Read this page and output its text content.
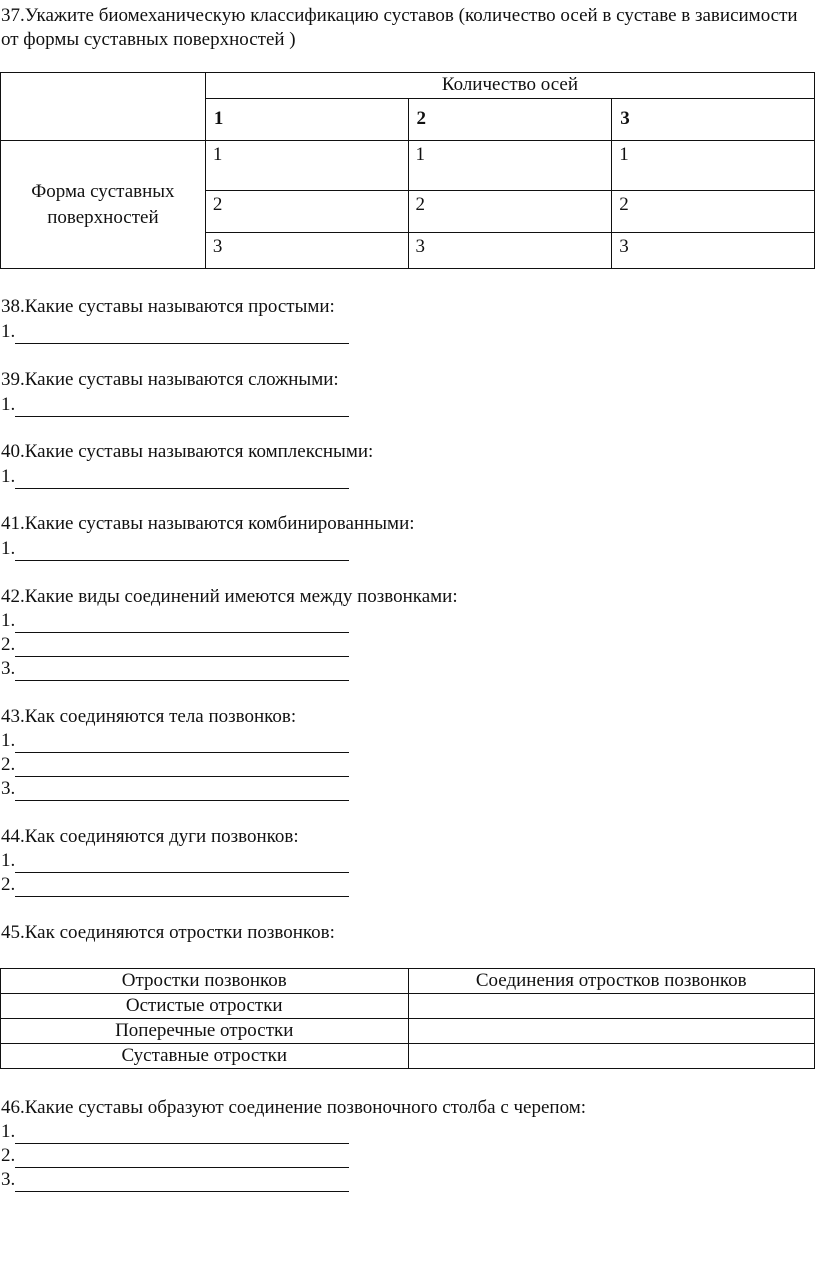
37.Укажите биомеханическую классификацию суставов (количество осей в суставе в зависимости от формы суставных поверхностей )
	Количество осей		
	1	2	3
Форма суставных поверхностей	1	1	1
	2	2	2
	3	3	3
38.Какие суставы называются простыми:
1.
39.Какие суставы называются сложными:
1.
40.Какие суставы называются комплексными:
1.
41.Какие суставы называются комбинированными:
1.
42.Какие виды соединений имеются между позвонками:
1.
2.
3.
43.Как соединяются тела позвонков:
1.
2.
3.
44.Как соединяются дуги позвонков:
1.
2.
45.Как соединяются отростки позвонков:
Отростки позвонков	Соединения отростков позвонков
Остистые отростки	
Поперечные отростки	
Суставные отростки	
46.Какие суставы образуют соединение позвоночного столба с черепом:
1.
2.
3.
